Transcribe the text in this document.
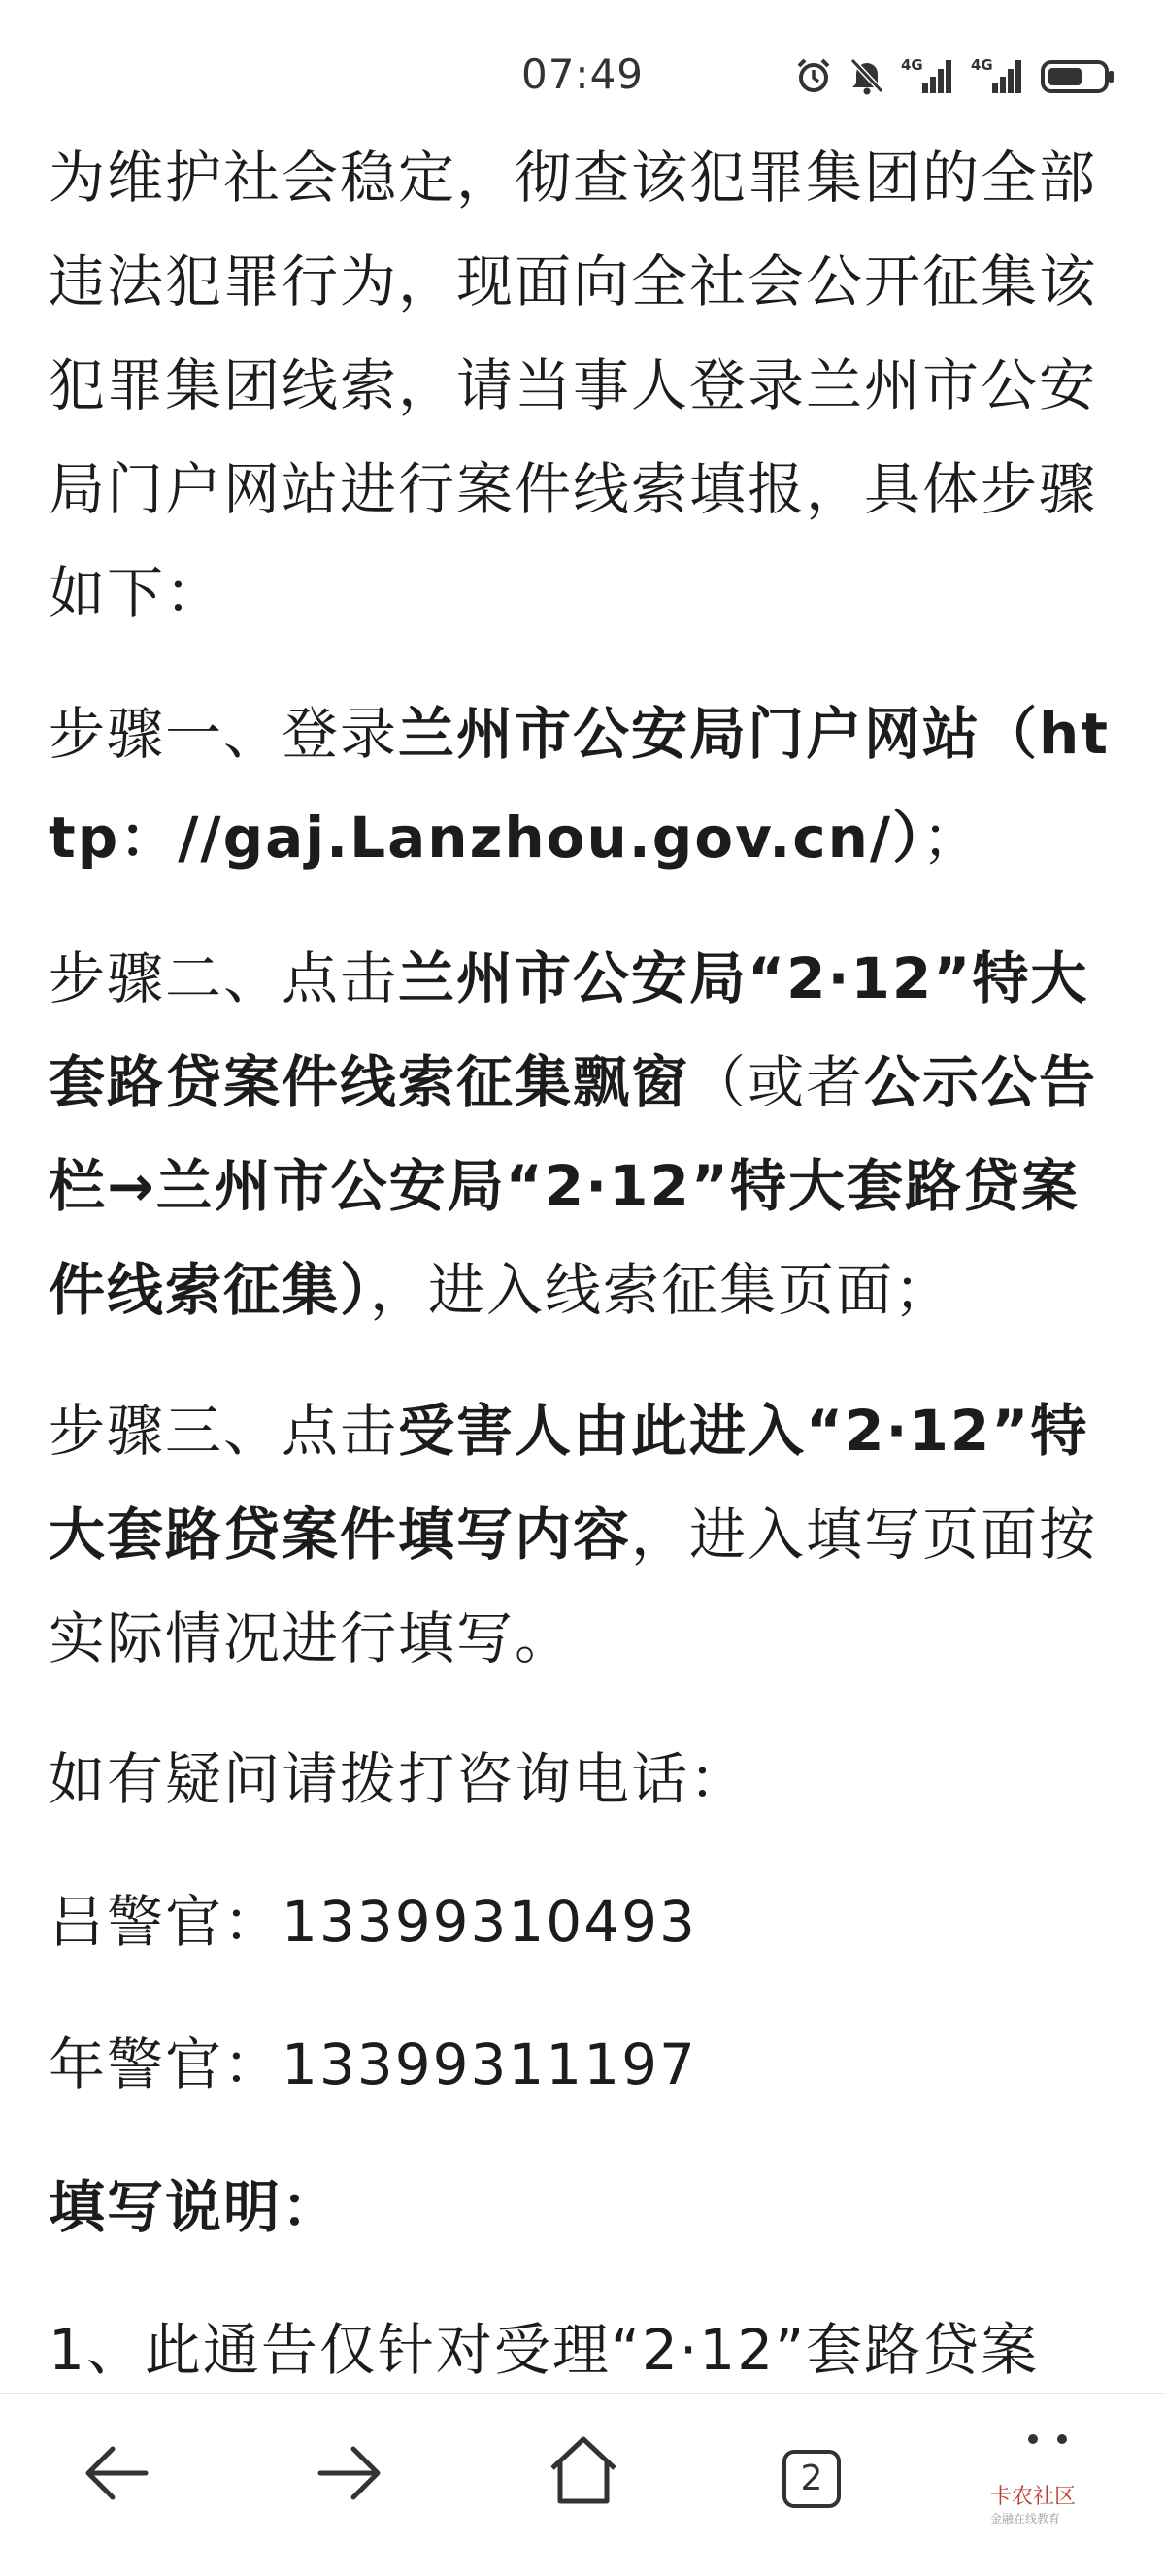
07:49	4G	4G

为维护社会稳定，彻查该犯罪集团的全部违法犯罪行为，现面向全社会公开征集该犯罪集团线索，请当事人登录兰州市公安局门户网站进行案件线索填报，具体步骤如下：

步骤一、登录兰州市公安局门户网站（http：//gaj.Lanzhou.gov.cn/）；

步骤二、点击兰州市公安局“2·12”特大套路贷案件线索征集飘窗（或者公示公告栏→兰州市公安局“2·12”特大套路贷案件线索征集），进入线索征集页面；

步骤三、点击受害人由此进入“2·12”特大套路贷案件填写内容，进入填写页面按实际情况进行填写。

如有疑问请拨打咨询电话：

吕警官：13399310493

年警官：13399311197

填写说明：

1、此通告仅针对受理“2·12”套路贷案

2	卡农社区
金融在线教育
